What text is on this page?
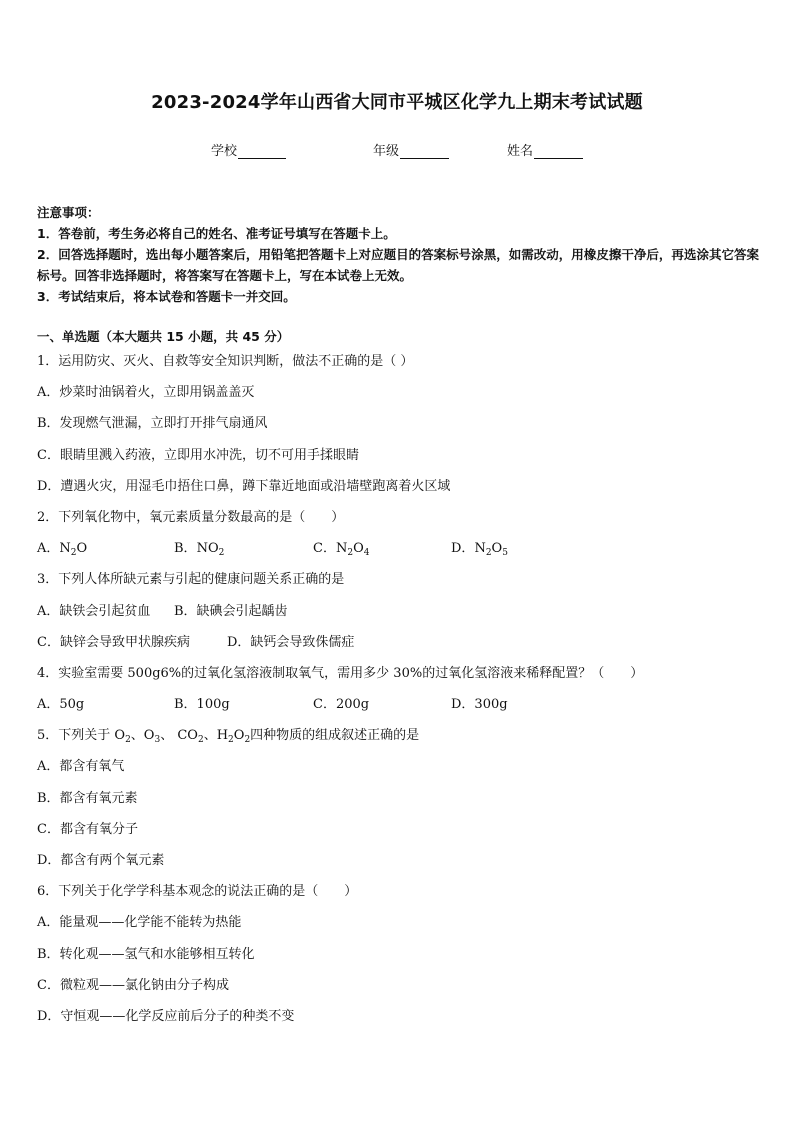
2023-2024学年山西省大同市平城区化学九上期末考试试题
学校	年级	姓名
注意事项：
1．答卷前，考生务必将自己的姓名、准考证号填写在答题卡上。
2．回答选择题时，选出每小题答案后，用铅笔把答题卡上对应题目的答案标号涂黑，如需改动，用橡皮擦干净后，再选涂其它答案标号。回答非选择题时，将答案写在答题卡上，写在本试卷上无效。
3．考试结束后，将本试卷和答题卡一并交回。
一、单选题（本大题共 15 小题，共 45 分）
1．运用防灾、灭火、自救等安全知识判断，做法不正确的是（ ）
A．炒菜时油锅着火，立即用锅盖盖灭
B．发现燃气泄漏，立即打开排气扇通风
C．眼睛里溅入药液，立即用水冲洗，切不可用手揉眼睛
D．遭遇火灾，用湿毛巾捂住口鼻，蹲下靠近地面或沿墙壁跑离着火区域
2．下列氧化物中，氧元素质量分数最高的是（　　）
A．$N_2O$	B．$NO_2$	C．$N_2O_4$	D．$N_2O_5$
3．下列人体所缺元素与引起的健康问题关系正确的是
A．缺铁会引起贫血 B．缺碘会引起龋齿
C．缺锌会导致甲状腺疾病	D．缺钙会导致侏儒症
4．实验室需要 500g6%的过氧化氢溶液制取氧气，需用多少 30%的过氧化氢溶液来稀释配置？（　　）
A．50g	B．100g	C．200g	D．300g
5．下列关于 $O_2$、$O_3$、 $CO_2$、$H_2O_2$四种物质的组成叙述正确的是
A．都含有氧气
B．都含有氧元素
C．都含有氧分子
D．都含有两个氧元素
6．下列关于化学学科基本观念的说法正确的是（　　）
A．能量观——化学能不能转为热能
B．转化观——氢气和水能够相互转化
C．微粒观——氯化钠由分子构成
D．守恒观——化学反应前后分子的种类不变
